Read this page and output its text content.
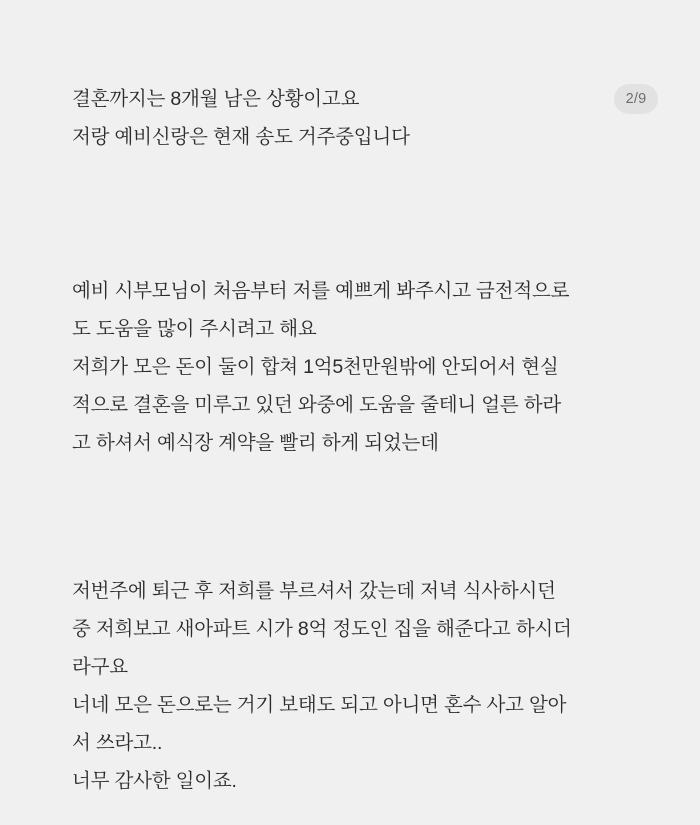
2/9
결혼까지는 8개월 남은 상황이고요
저랑 예비신랑은 현재 송도 거주중입니다
예비 시부모님이 처음부터 저를 예쁘게 봐주시고 금전적으로
도 도움을 많이 주시려고 해요
저희가 모은 돈이 둘이 합쳐 1억5천만원밖에 안되어서 현실
적으로 결혼을 미루고 있던 와중에 도움을 줄테니 얼른 하라
고 하셔서 예식장 계약을 빨리 하게 되었는데
저번주에 퇴근 후 저희를 부르셔서 갔는데 저녁 식사하시던
중 저희보고 새아파트 시가 8억 정도인 집을 해준다고 하시더
라구요
너네 모은 돈으로는 거기 보태도 되고 아니면 혼수 사고 알아
서 쓰라고..
너무 감사한 일이죠.
